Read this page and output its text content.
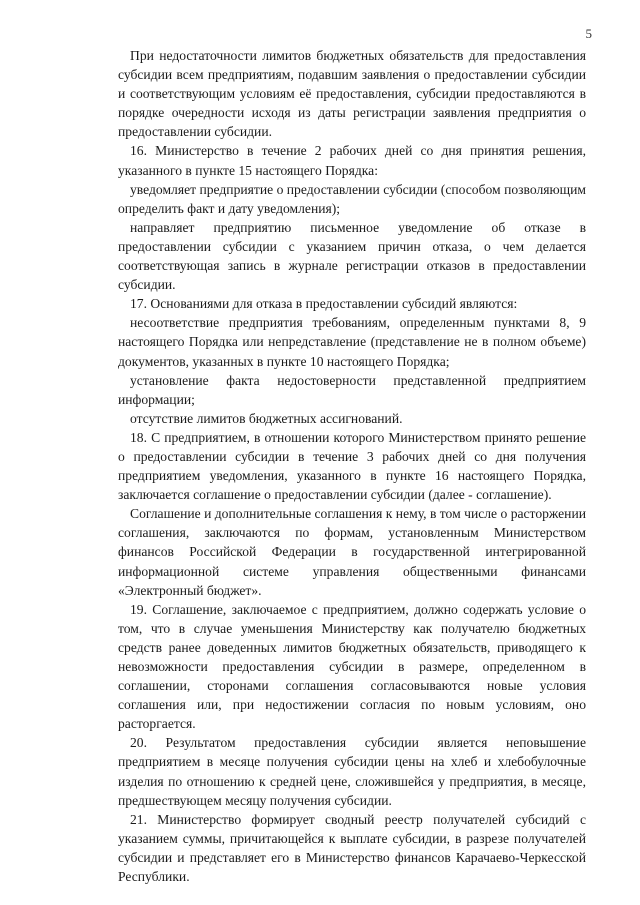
5

При недостаточности лимитов бюджетных обязательств для предоставления субсидии всем предприятиям, подавшим заявления о предоставлении субсидии и соответствующим условиям её предоставления, субсидии предоставляются в порядке очередности исходя из даты регистрации заявления предприятия о предоставлении субсидии.

16. Министерство в течение 2 рабочих дней со дня принятия решения, указанного в пункте 15 настоящего Порядка:

уведомляет предприятие о предоставлении субсидии (способом позволяющим определить факт и дату уведомления);

направляет предприятию письменное уведомление об отказе в предоставлении субсидии с указанием причин отказа, о чем делается соответствующая запись в журнале регистрации отказов в предоставлении субсидии.

17. Основаниями для отказа в предоставлении субсидий являются:

несоответствие предприятия требованиям, определенным пунктами 8, 9 настоящего Порядка или непредставление (представление не в полном объеме) документов, указанных в пункте 10 настоящего Порядка;

установление факта недостоверности представленной предприятием информации;

отсутствие лимитов бюджетных ассигнований.

18. С предприятием, в отношении которого Министерством принято решение о предоставлении субсидии в течение 3 рабочих дней со дня получения предприятием уведомления, указанного в пункте 16 настоящего Порядка, заключается соглашение о предоставлении субсидии (далее - соглашение).

Соглашение и дополнительные соглашения к нему, в том числе о расторжении соглашения, заключаются по формам, установленным Министерством финансов Российской Федерации в государственной интегрированной информационной системе управления общественными финансами «Электронный бюджет».

19. Соглашение, заключаемое с предприятием, должно содержать условие о том, что в случае уменьшения Министерству как получателю бюджетных средств ранее доведенных лимитов бюджетных обязательств, приводящего к невозможности предоставления субсидии в размере, определенном в соглашении, сторонами соглашения согласовываются новые условия соглашения или, при недостижении согласия по новым условиям, оно расторгается.

20. Результатом предоставления субсидии является неповышение предприятием в месяце получения субсидии цены на хлеб и хлебобулочные изделия по отношению к средней цене, сложившейся у предприятия, в месяце, предшествующем месяцу получения субсидии.

21. Министерство формирует сводный реестр получателей субсидий с указанием суммы, причитающейся к выплате субсидии, в разрезе получателей субсидии и представляет его в Министерство финансов Карачаево-Черкесской Республики.
